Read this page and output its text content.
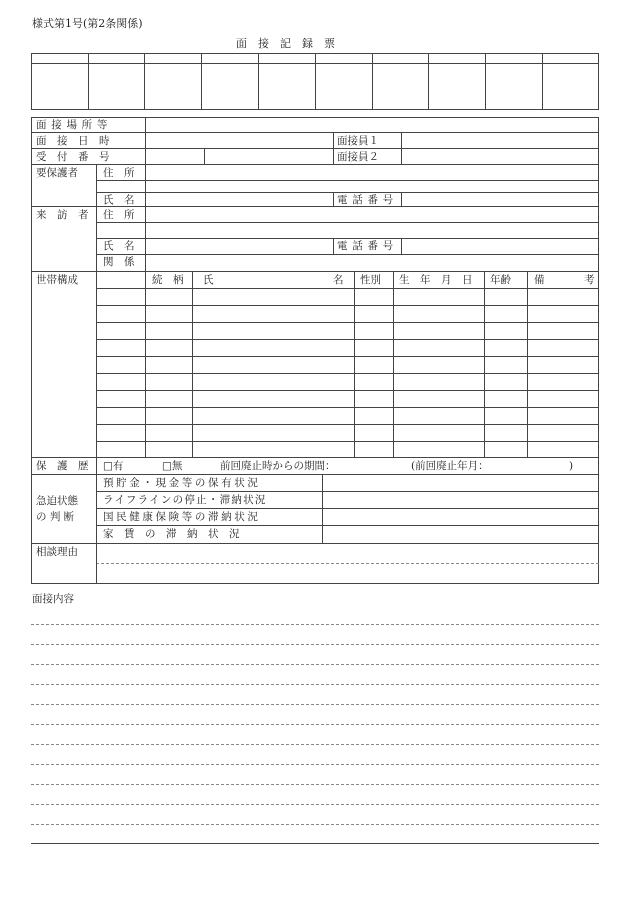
様式第1号(第2条関係)
面　接　記　録　票
面接場所等
面　接　日　時
受　付　番　号
面接員１
面接員２
要保護者 住　所
氏　名	電話番号
来　訪　者 住　所
氏　名	電話番号
関　係
世帯構成	続　柄 氏	名 性別 生　年　月　日 年齢 備	考
保　護　歴 □有	□無	前回廃止時からの期間：	(前回廃止年月：	)
急迫状態
の 判 断
預貯金・現金等の保有状況
ライフラインの停止・滞納状況
国民健康保険等の滞納状況
家　賃　の　滞　納　状　況
相談理由
面接内容
